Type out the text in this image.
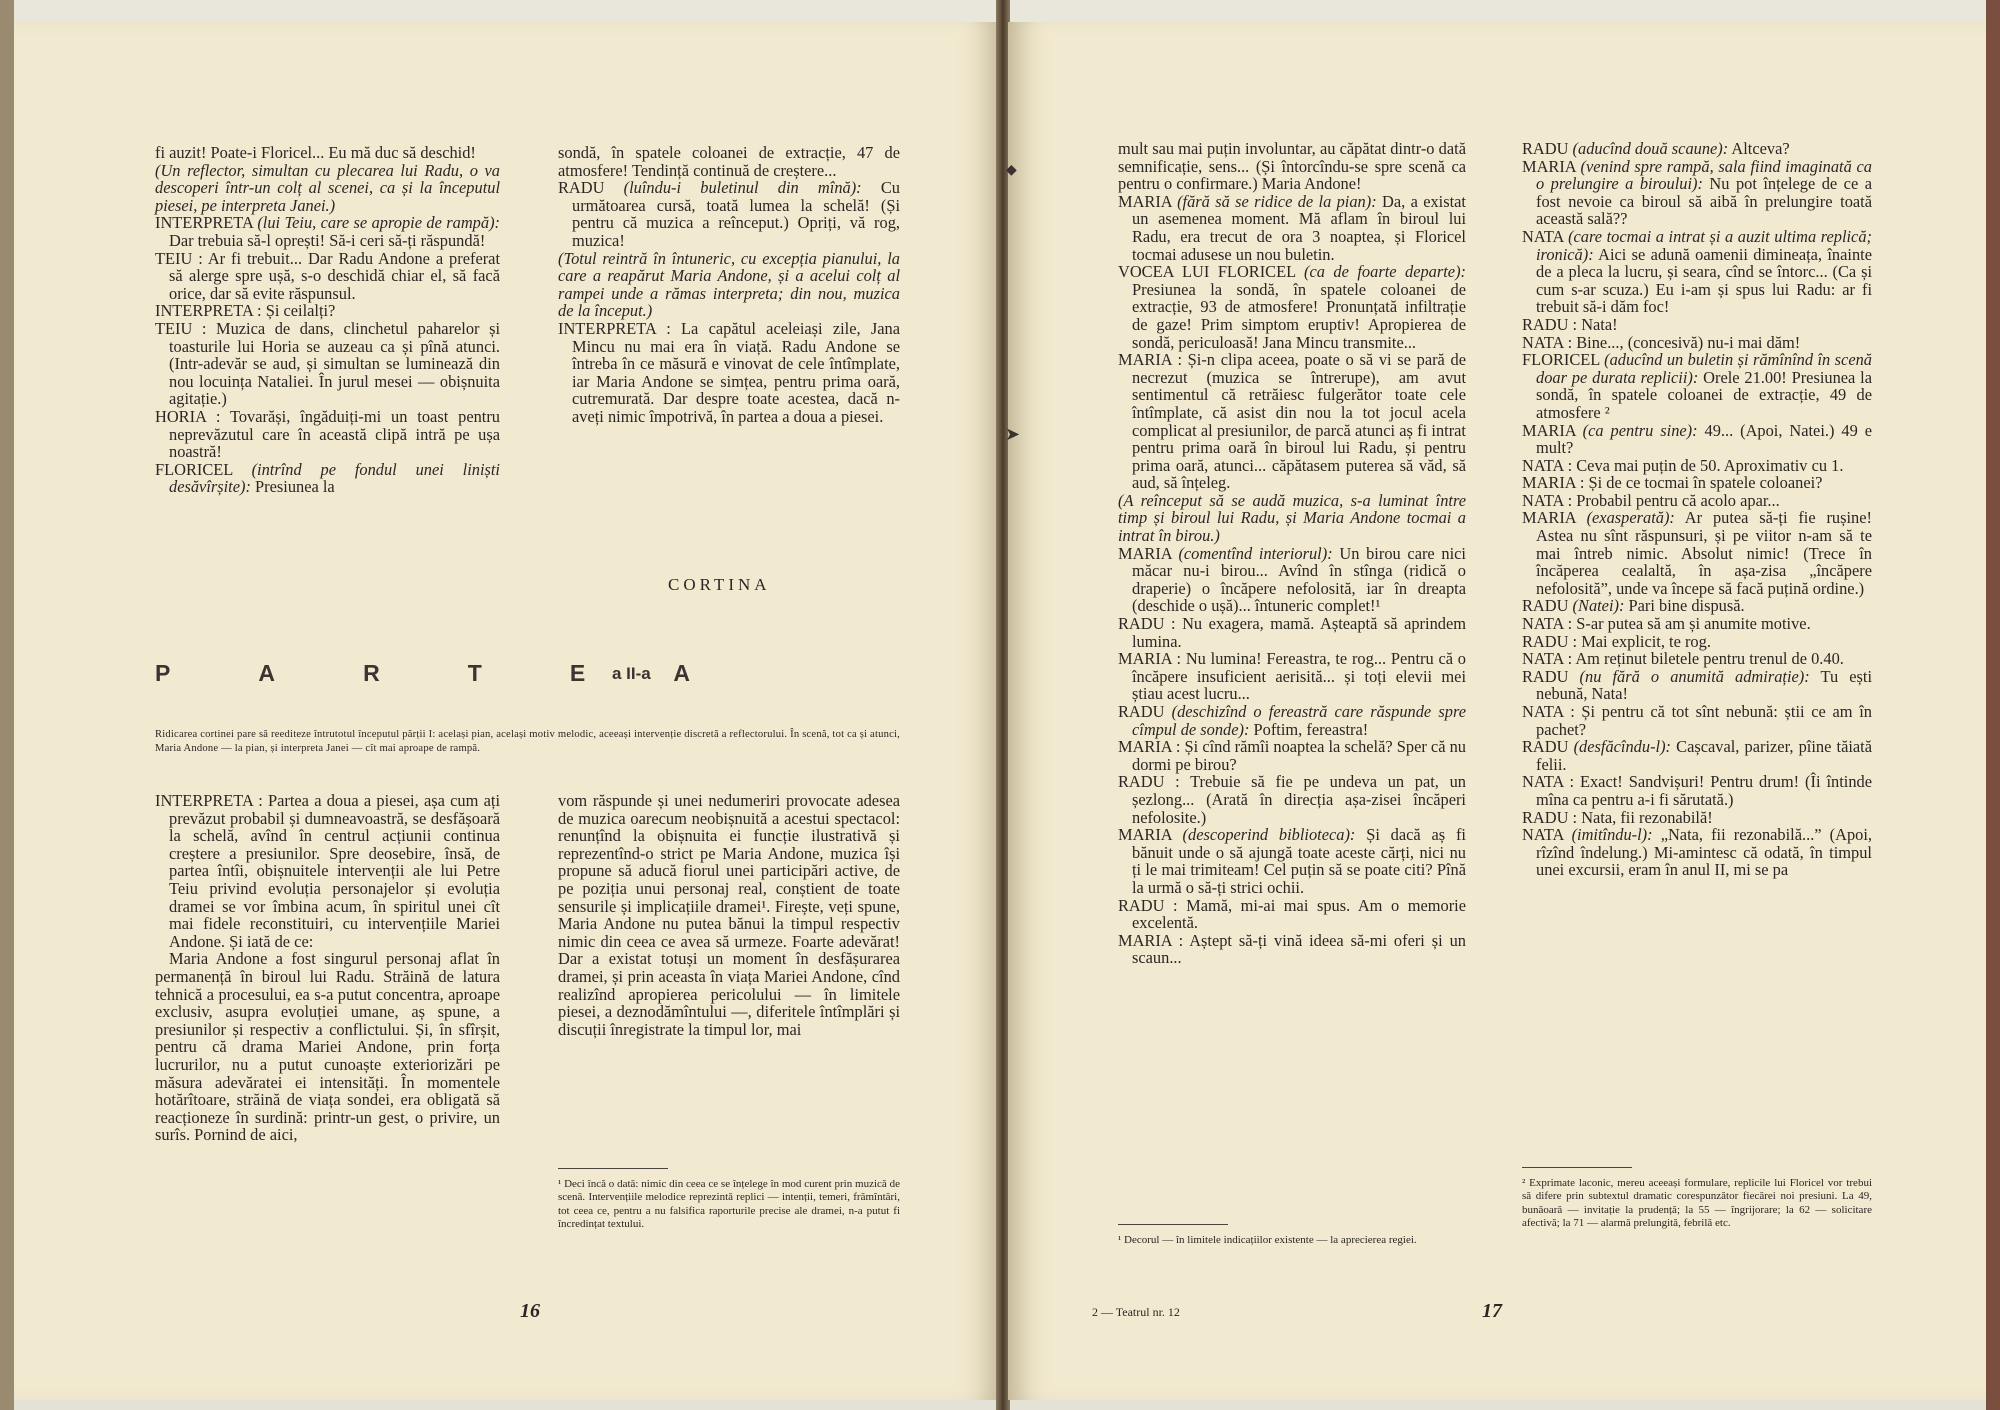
fi auzit! Poate-i Floricel... Eu mă duc să deschid!

(Un reflector, simultan cu plecarea lui Radu, o va descoperi într-un colț al scenei, ca și la începutul piesei, pe interpreta Janei.)

INTERPRETA (lui Teiu, care se apropie de rampă): Dar trebuia să-l oprești! Să-i ceri să-ți răspundă!

TEIU : Ar fi trebuit... Dar Radu Andone a preferat să alerge spre ușă, s-o deschidă chiar el, să facă orice, dar să evite răspunsul.

INTERPRETA : Și ceilalți?

TEIU : Muzica de dans, clinchetul paharelor și toasturile lui Horia se auzeau ca și pînă atunci. (Intr-adevăr se aud, și simultan se luminează din nou locuința Nataliei. În jurul mesei — obișnuita agitație.)

HORIA : Tovarăși, îngăduiți-mi un toast pentru neprevăzutul care în această clipă intră pe ușa noastră!

FLORICEL (intrînd pe fondul unei liniști desăvîrșite): Presiunea la

sondă, în spatele coloanei de extracție, 47 de atmosfere! Tendință continuă de creștere...

RADU (luîndu-i buletinul din mînă): Cu următoarea cursă, toată lumea la schelă! (Și pentru că muzica a reînceput.) Opriți, vă rog, muzica!

(Totul reintră în întuneric, cu excepția pianului, la care a reapărut Maria Andone, și a acelui colț al rampei unde a rămas interpreta; din nou, muzica de la început.)

INTERPRETA : La capătul aceleiași zile, Jana Mincu nu mai era în viață. Radu Andone se întreba în ce măsură e vinovat de cele întîmplate, iar Maria Andone se simțea, pentru prima oară, cutremurată. Dar despre toate acestea, dacă n-aveți nimic împotrivă, în partea a doua a piesei.

CORTINA
P	A	R	T	E	A
a II-a
Ridicarea cortinei pare să reediteze întrutotul începutul părții I: același pian, același motiv melodic, aceeași intervenție discretă a reflectorului. În scenă, tot ca și atunci, Maria Andone — la pian, și interpreta Janei — cît mai aproape de rampă.

INTERPRETA : Partea a doua a piesei, așa cum ați prevăzut probabil și dumneavoastră, se desfășoară la schelă, avînd în centrul acțiunii continua creștere a presiunilor. Spre deosebire, însă, de partea întîi, obișnuitele intervenții ale lui Petre Teiu privind evoluția personajelor și evoluția dramei se vor îmbina acum, în spiritul unei cît mai fidele reconstituiri, cu intervențiile Mariei Andone. Și iată de ce:

Maria Andone a fost singurul personaj aflat în permanență în biroul lui Radu. Străină de latura tehnică a procesului, ea s-a putut concentra, aproape exclusiv, asupra evoluției umane, aș spune, a presiunilor și respectiv a conflictului. Și, în sfîrșit, pentru că drama Mariei Andone, prin forța lucrurilor, nu a putut cunoaște exteriorizări pe măsura adevăratei ei intensități. În momentele hotărîtoare, străină de viața sondei, era obligată să reacționeze în surdină: printr-un gest, o privire, un surîs. Pornind de aici,

vom răspunde și unei nedumeriri provocate adesea de muzica oarecum neobișnuită a acestui spectacol: renunțînd la obișnuita ei funcție ilustrativă și reprezentînd-o strict pe Maria Andone, muzica își propune să aducă fiorul unei participări active, de pe poziția unui personaj real, conștient de toate sensurile și implicațiile dramei¹. Firește, veți spune, Maria Andone nu putea bănui la timpul respectiv nimic din ceea ce avea să urmeze. Foarte adevărat! Dar a existat totuși un moment în desfășurarea dramei, și prin aceasta în viața Mariei Andone, cînd realizînd apropierea pericolului — în limitele piesei, a deznodămîntului —, diferitele întîmplări și discuții înregistrate la timpul lor, mai
¹ Deci încă o dată: nimic din ceea ce se înțelege în mod curent prin muzică de scenă. Intervențiile melodice reprezintă replici — intenții, temeri, frămîntări, tot ceea ce, pentru a nu falsifica raporturile precise ale dramei, n-a putut fi încredințat textului.
16

mult sau mai puțin involuntar, au căpătat dintr-o dată semnificație, sens... (Și întorcîndu-se spre scenă ca pentru o confirmare.) Maria Andone!

MARIA (fără să se ridice de la pian): Da, a existat un asemenea moment. Mă aflam în biroul lui Radu, era trecut de ora 3 noaptea, și Floricel tocmai adusese un nou buletin.

VOCEA LUI FLORICEL (ca de foarte departe): Presiunea la sondă, în spatele coloanei de extracție, 93 de atmosfere! Pronunțată infiltrație de gaze! Prim simptom eruptiv! Apropierea de sondă, periculoasă! Jana Mincu transmite...

MARIA : Și-n clipa aceea, poate o să vi se pară de necrezut (muzica se întrerupe), am avut sentimentul că retrăiesc fulgerător toate cele întîmplate, că asist din nou la tot jocul acela complicat al presiunilor, de parcă atunci aș fi intrat pentru prima oară în biroul lui Radu, și pentru prima oară, atunci... căpătasem puterea să văd, să aud, să înțeleg.

(A reînceput să se audă muzica, s-a luminat între timp și biroul lui Radu, și Maria Andone tocmai a intrat în birou.)

MARIA (comentînd interiorul): Un birou care nici măcar nu-i birou... Avînd în stînga (ridică o draperie) o încăpere nefolosită, iar în dreapta (deschide o ușă)... întuneric complet!¹

RADU : Nu exagera, mamă. Așteaptă să aprindem lumina.

MARIA : Nu lumina! Fereastra, te rog... Pentru că o încăpere insuficient aerisită... și toți elevii mei știau acest lucru...

RADU (deschizînd o fereastră care răspunde spre cîmpul de sonde): Poftim, fereastra!

MARIA : Și cînd rămîi noaptea la schelă? Sper că nu dormi pe birou?

RADU : Trebuie să fie pe undeva un pat, un șezlong... (Arată în direcția așa-zisei încăperi nefolosite.)

MARIA (descoperind biblioteca): Și dacă aș fi bănuit unde o să ajungă toate aceste cărți, nici nu ți le mai trimiteam! Cel puțin să se poate citi? Pînă la urmă o să-ți strici ochii.

RADU : Mamă, mi-ai mai spus. Am o memorie excelentă.

MARIA : Aștept să-ți vină ideea să-mi oferi și un scaun...

¹ Decorul — în limitele indicațiilor existente — la aprecierea regiei.

RADU (aducînd două scaune): Altceva?

MARIA (venind spre rampă, sala fiind imaginată ca o prelungire a biroului): Nu pot înțelege de ce a fost nevoie ca biroul să aibă în prelungire toată această sală??

NATA (care tocmai a intrat și a auzit ultima replică; ironică): Aici se adună oamenii dimineața, înainte de a pleca la lucru, și seara, cînd se întorc... (Ca și cum s-ar scuza.) Eu i-am și spus lui Radu: ar fi trebuit să-i dăm foc!

RADU : Nata!

NATA : Bine..., (concesivă) nu-i mai dăm!

FLORICEL (aducînd un buletin și rămînînd în scenă doar pe durata replicii): Orele 21.00! Presiunea la sondă, în spatele coloanei de extracție, 49 de atmosfere ²

MARIA (ca pentru sine): 49... (Apoi, Natei.) 49 e mult?

NATA : Ceva mai puțin de 50. Aproximativ cu 1.

MARIA : Și de ce tocmai în spatele coloanei?

NATA : Probabil pentru că acolo apar...

MARIA (exasperată): Ar putea să-ți fie rușine! Astea nu sînt răspunsuri, și pe viitor n-am să te mai întreb nimic. Absolut nimic! (Trece în încăperea cealaltă, în așa-zisa „încăpere nefolosită”, unde va începe să facă puțină ordine.)

RADU (Natei): Pari bine dispusă.

NATA : S-ar putea să am și anumite motive.

RADU : Mai explicit, te rog.

NATA : Am reținut biletele pentru trenul de 0.40.

RADU (nu fără o anumită admirație): Tu ești nebună, Nata!

NATA : Și pentru că tot sînt nebună: știi ce am în pachet?

RADU (desfăcîndu-l): Cașcaval, parizer, pîine tăiată felii.

NATA : Exact! Sandvișuri! Pentru drum! (Îi întinde mîna ca pentru a-i fi sărutată.)

RADU : Nata, fii rezonabilă!

NATA (imitîndu-l): „Nata, fii rezonabilă...” (Apoi, rîzînd îndelung.) Mi-amintesc că odată, în timpul unei excursii, eram în anul II, mi se pa

² Exprimate laconic, mereu aceeași formulare, replicile lui Floricel vor trebui să difere prin subtextul dramatic corespunzător fiecărei noi presiuni. La 49, bunăoară — invitație la prudență; la 55 — îngrijorare; la 62 — solicitare afectivă; la 71 — alarmă prelungită, febrilă etc.
2 — Teatrul nr. 12	17
◆
➤
